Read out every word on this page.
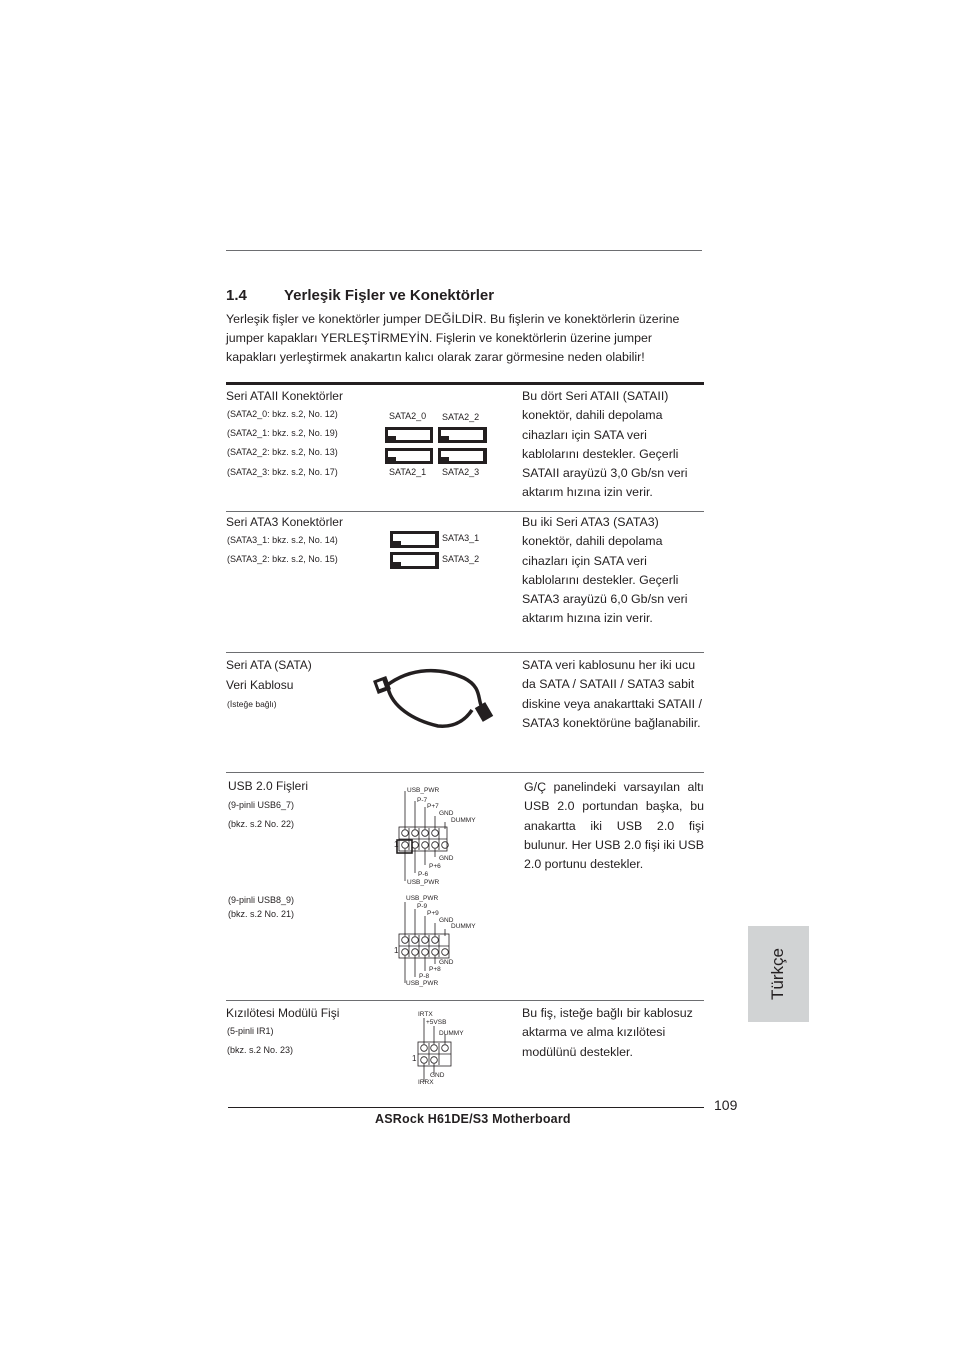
1.4 Yerleşik Fişler ve Konektörler
Yerleşik fişler ve konektörler jumper DEĞİLDİR. Bu fişlerin ve konektörlerin üzerine jumper kapakları YERLEŞTİRMEYİN. Fişlerin ve konektörlerin üzerine jumper kapakları yerleştirmek anakartın kalıcı olarak zarar görmesine neden olabilir!
Seri ATAII Konektörler
(SATA2_0: bkz. s.2, No. 12)
(SATA2_1: bkz. s.2, No. 19)
(SATA2_2: bkz. s.2, No. 13)
(SATA2_3: bkz. s.2, No. 17)
SATA2_0 SATA2_2
SATA2_1 SATA2_3
Bu dört Seri ATAII (SATAII) konektör, dahili depolama cihazları için SATA veri kablolarını destekler. Geçerli SATAII arayüzü 3,0 Gb/sn veri aktarım hızına izin verir.
Seri ATA3 Konektörler
(SATA3_1: bkz. s.2, No. 14)
(SATA3_2: bkz. s.2, No. 15)
SATA3_1
SATA3_2
Bu iki Seri ATA3 (SATA3) konektör, dahili depolama cihazları için SATA veri kablolarını destekler. Geçerli SATA3 arayüzü 6,0 Gb/sn veri aktarım hızına izin verir.
Seri ATA (SATA)
Veri Kablosu
(İsteğe bağlı)
SATA veri kablosunu her iki ucu da SATA / SATAII / SATA3 sabit diskine veya anakarttaki SATAII / SATA3 konektörüne bağlanabilir.
USB 2.0 Fişleri
(9-pinli USB6_7)
(bkz. s.2 No. 22)
USB_PWR
P-7
P+7
GND
DUMMY
1
GND
P+6
P-6
USB_PWR
G/Ç panelindeki varsayılan altı USB 2.0 portundan başka, bu anakartta iki USB 2.0 fişi bulunur. Her USB 2.0 fişi iki USB 2.0 portunu destekler.
(9-pinli USB8_9)
(bkz. s.2 No. 21)
USB_PWR
P-9
P+9
GND
DUMMY
1
GND
P+8
P-8
USB_PWR
Kızılötesi Modülü Fişi
(5-pinli IR1)
(bkz. s.2 No. 23)
IRTX
+5VSB
DUMMY
1
GND
IRRX
Bu fiş, isteğe bağlı bir kablosuz aktarma ve alma kızılötesi modülünü destekler.
Türkçe
109
ASRock H61DE/S3 Motherboard
